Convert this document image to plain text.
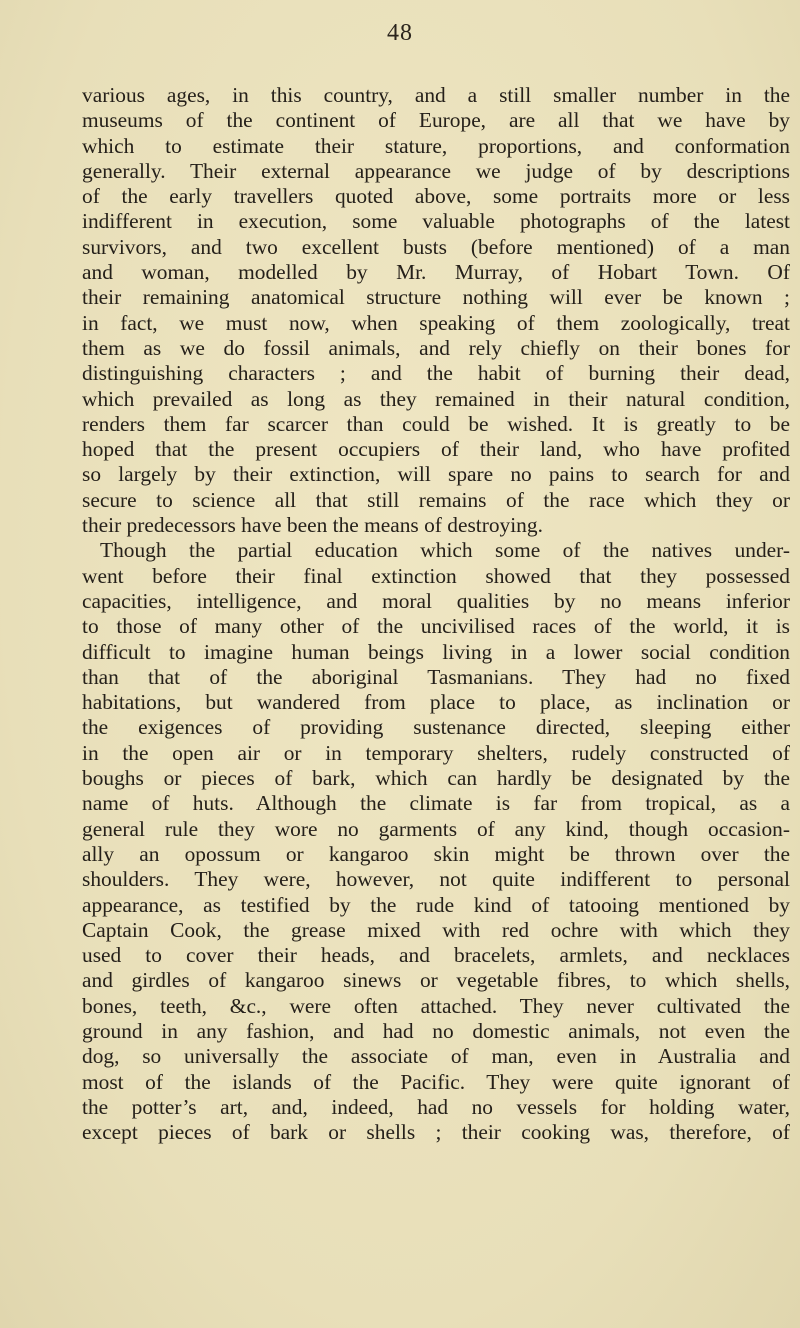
48
various ages, in this country, and a still smaller number in the
museums of the continent of Europe, are all that we have by
which to estimate their stature, proportions, and conformation
generally. Their external appearance we judge of by descriptions
of the early travellers quoted above, some portraits more or less
indifferent in execution, some valuable photographs of the latest
survivors, and two excellent busts (before mentioned) of a man
and woman, modelled by Mr. Murray, of Hobart Town. Of
their remaining anatomical structure nothing will ever be known ;
in fact, we must now, when speaking of them zoologically, treat
them as we do fossil animals, and rely chiefly on their bones for
distinguishing characters ; and the habit of burning their dead,
which prevailed as long as they remained in their natural condition,
renders them far scarcer than could be wished. It is greatly to be
hoped that the present occupiers of their land, who have profited
so largely by their extinction, will spare no pains to search for and
secure to science all that still remains of the race which they or
their predecessors have been the means of destroying.
Though the partial education which some of the natives under-
went before their final extinction showed that they possessed
capacities, intelligence, and moral qualities by no means inferior
to those of many other of the uncivilised races of the world, it is
difficult to imagine human beings living in a lower social condition
than that of the aboriginal Tasmanians. They had no fixed
habitations, but wandered from place to place, as inclination or
the exigences of providing sustenance directed, sleeping either
in the open air or in temporary shelters, rudely constructed of
boughs or pieces of bark, which can hardly be designated by the
name of huts. Although the climate is far from tropical, as a
general rule they wore no garments of any kind, though occasion-
ally an opossum or kangaroo skin might be thrown over the
shoulders. They were, however, not quite indifferent to personal
appearance, as testified by the rude kind of tatooing mentioned by
Captain Cook, the grease mixed with red ochre with which they
used to cover their heads, and bracelets, armlets, and necklaces
and girdles of kangaroo sinews or vegetable fibres, to which shells,
bones, teeth, &c., were often attached. They never cultivated the
ground in any fashion, and had no domestic animals, not even the
dog, so universally the associate of man, even in Australia and
most of the islands of the Pacific. They were quite ignorant of
the potter’s art, and, indeed, had no vessels for holding water,
except pieces of bark or shells ; their cooking was, therefore, of
